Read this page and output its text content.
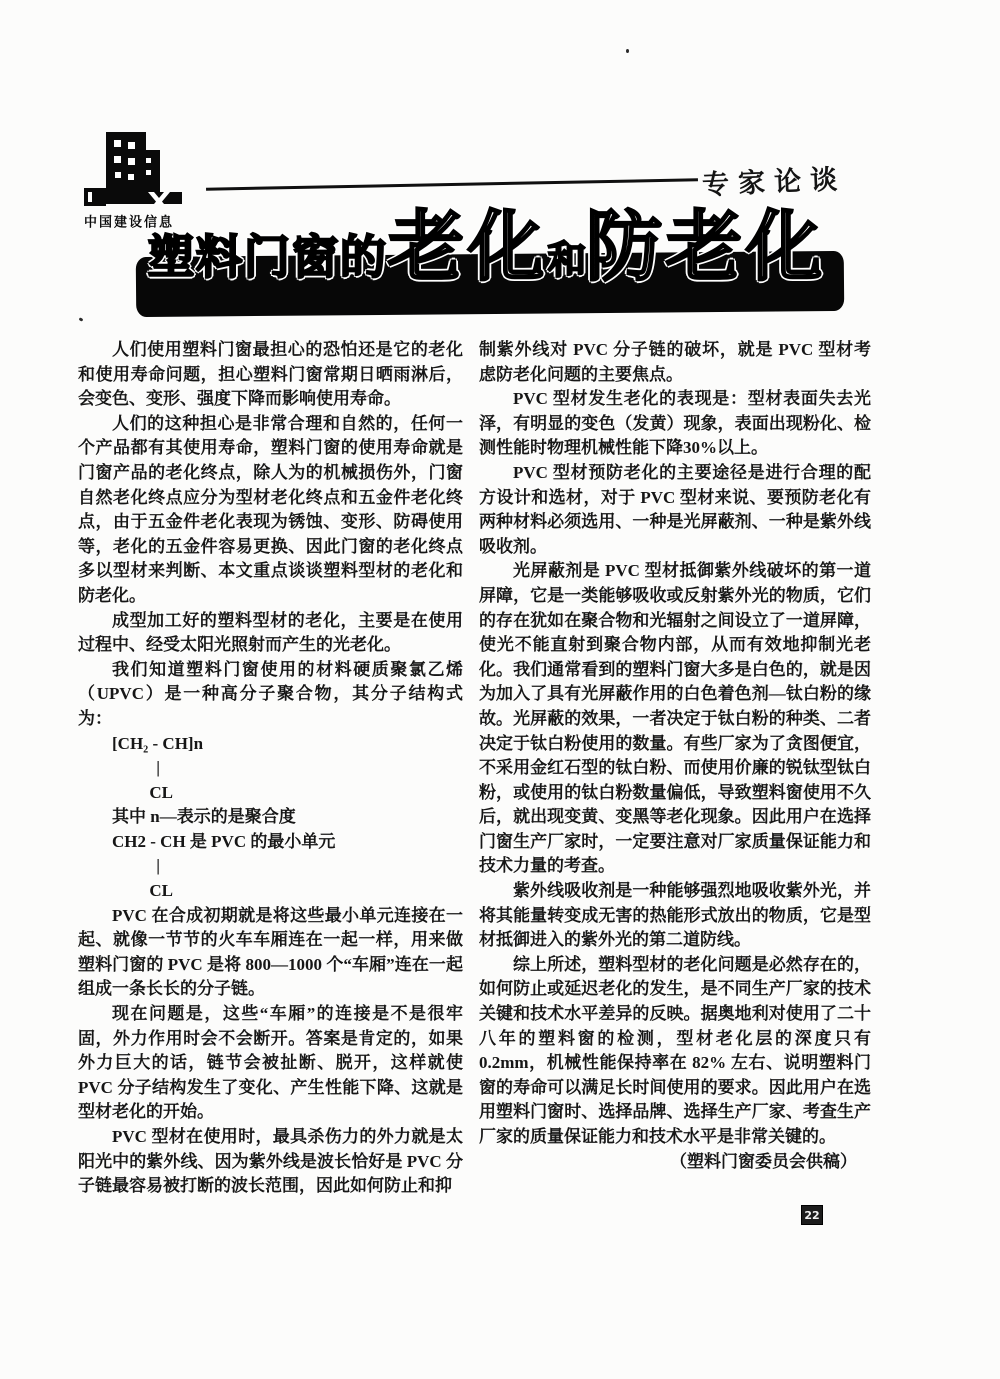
中国建设信息
专家论谈
塑料门窗的老化和防老化
人们使用塑料门窗最担心的恐怕还是它的老化和使用寿命问题，担心塑料门窗常期日晒雨淋后，会变色、变形、强度下降而影响使用寿命。
人们的这种担心是非常合理和自然的，任何一个产品都有其使用寿命，塑料门窗的使用寿命就是门窗产品的老化终点，除人为的机械损伤外，门窗自然老化终点应分为型材老化终点和五金件老化终点，由于五金件老化表现为锈蚀、变形、防碍使用等，老化的五金件容易更换、因此门窗的老化终点多以型材来判断、本文重点谈谈塑料型材的老化和防老化。
成型加工好的塑料型材的老化，主要是在使用过程中、经受太阳光照射而产生的光老化。
我们知道塑料门窗使用的材料硬质聚氯乙烯（UPVC）是一种高分子聚合物，其分子结构式为：
[CH₂ - CH]n
|
CL
其中 n—表示的是聚合度
CH2 - CH 是 PVC 的最小单元
|
CL
PVC 在合成初期就是将这些最小单元连接在一起、就像一节节的火车车厢连在一起一样，用来做塑料门窗的 PVC 是将 800—1000 个“车厢”连在一起组成一条长长的分子链。
现在问题是，这些“车厢”的连接是不是很牢固，外力作用时会不会断开。答案是肯定的，如果外力巨大的话，链节会被扯断、脱开，这样就使 PVC 分子结构发生了变化、产生性能下降、这就是型材老化的开始。
PVC 型材在使用时，最具杀伤力的外力就是太阳光中的紫外线、因为紫外线是波长恰好是 PVC 分子链最容易被打断的波长范围，因此如何防止和抑
制紫外线对 PVC 分子链的破坏，就是 PVC 型材考虑防老化问题的主要焦点。
PVC 型材发生老化的表现是：型材表面失去光泽，有明显的变色（发黄）现象，表面出现粉化、检测性能时物理机械性能下降30%以上。
PVC 型材预防老化的主要途径是进行合理的配方设计和选材，对于 PVC 型材来说、要预防老化有两种材料必须选用、一种是光屏蔽剂、一种是紫外线吸收剂。
光屏蔽剂是 PVC 型材抵御紫外线破坏的第一道屏障，它是一类能够吸收或反射紫外光的物质，它们的存在犹如在聚合物和光辐射之间设立了一道屏障，使光不能直射到聚合物内部，从而有效地抑制光老化。我们通常看到的塑料门窗大多是白色的，就是因为加入了具有光屏蔽作用的白色着色剂—钛白粉的缘故。光屏蔽的效果，一者决定于钛白粉的种类、二者决定于钛白粉使用的数量。有些厂家为了贪图便宜，不采用金红石型的钛白粉、而使用价廉的锐钛型钛白粉，或使用的钛白粉数量偏低，导致塑料窗使用不久后，就出现变黄、变黑等老化现象。因此用户在选择门窗生产厂家时，一定要注意对厂家质量保证能力和技术力量的考查。
紫外线吸收剂是一种能够强烈地吸收紫外光，并将其能量转变成无害的热能形式放出的物质，它是型材抵御进入的紫外光的第二道防线。
综上所述，塑料型材的老化问题是必然存在的，如何防止或延迟老化的发生，是不同生产厂家的技术关键和技术水平差异的反映。据奥地利对使用了二十八年的塑料窗的检测，型材老化层的深度只有0.2mm，机械性能保持率在 82% 左右、说明塑料门窗的寿命可以满足长时间使用的要求。因此用户在选用塑料门窗时、选择品牌、选择生产厂家、考查生产厂家的质量保证能力和技术水平是非常关键的。
（塑料门窗委员会供稿）
22
